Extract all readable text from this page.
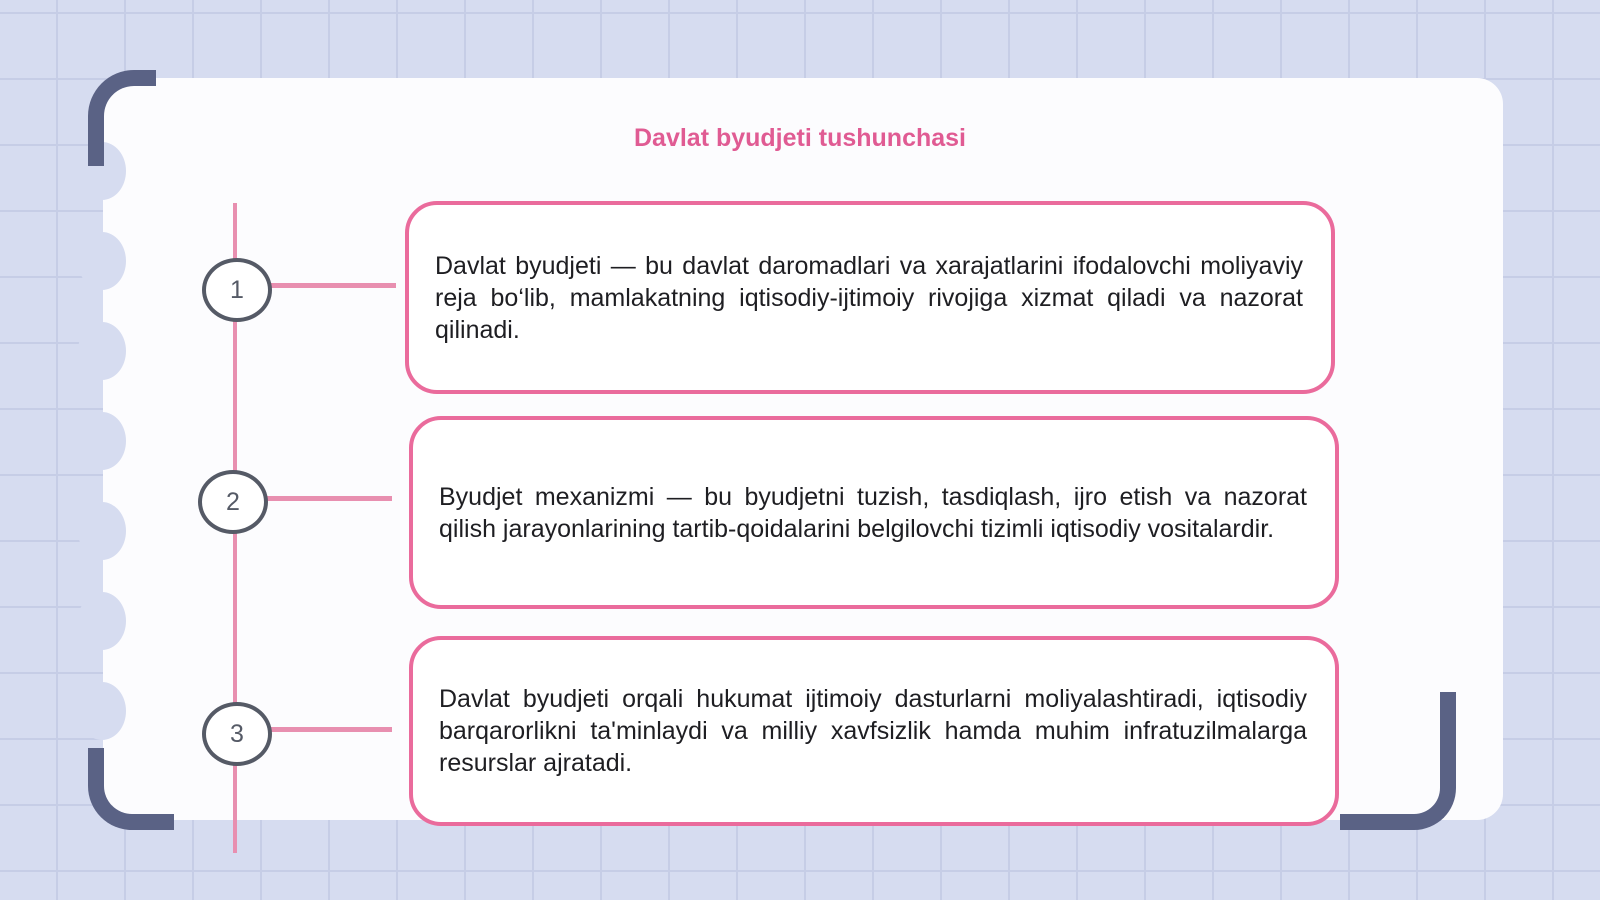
Davlat byudjeti tushunchasi
1
2
3

Davlat byudjeti — bu davlat daromadlari va xarajatlarini ifodalovchi moliyaviy reja bo‘lib, mamlakatning iqtisodiy-ijtimoiy rivojiga xizmat qiladi va nazorat qilinadi.

Byudjet mexanizmi — bu byudjetni tuzish, tasdiqlash, ijro etish va nazorat qilish jarayonlarining tartib-qoidalarini belgilovchi tizimli iqtisodiy vositalardir.

Davlat byudjeti orqali hukumat ijtimoiy dasturlarni moliyalashtiradi, iqtisodiy barqarorlikni ta'minlaydi va milliy xavfsizlik hamda muhim infratuzilmalarga resurslar ajratadi.
